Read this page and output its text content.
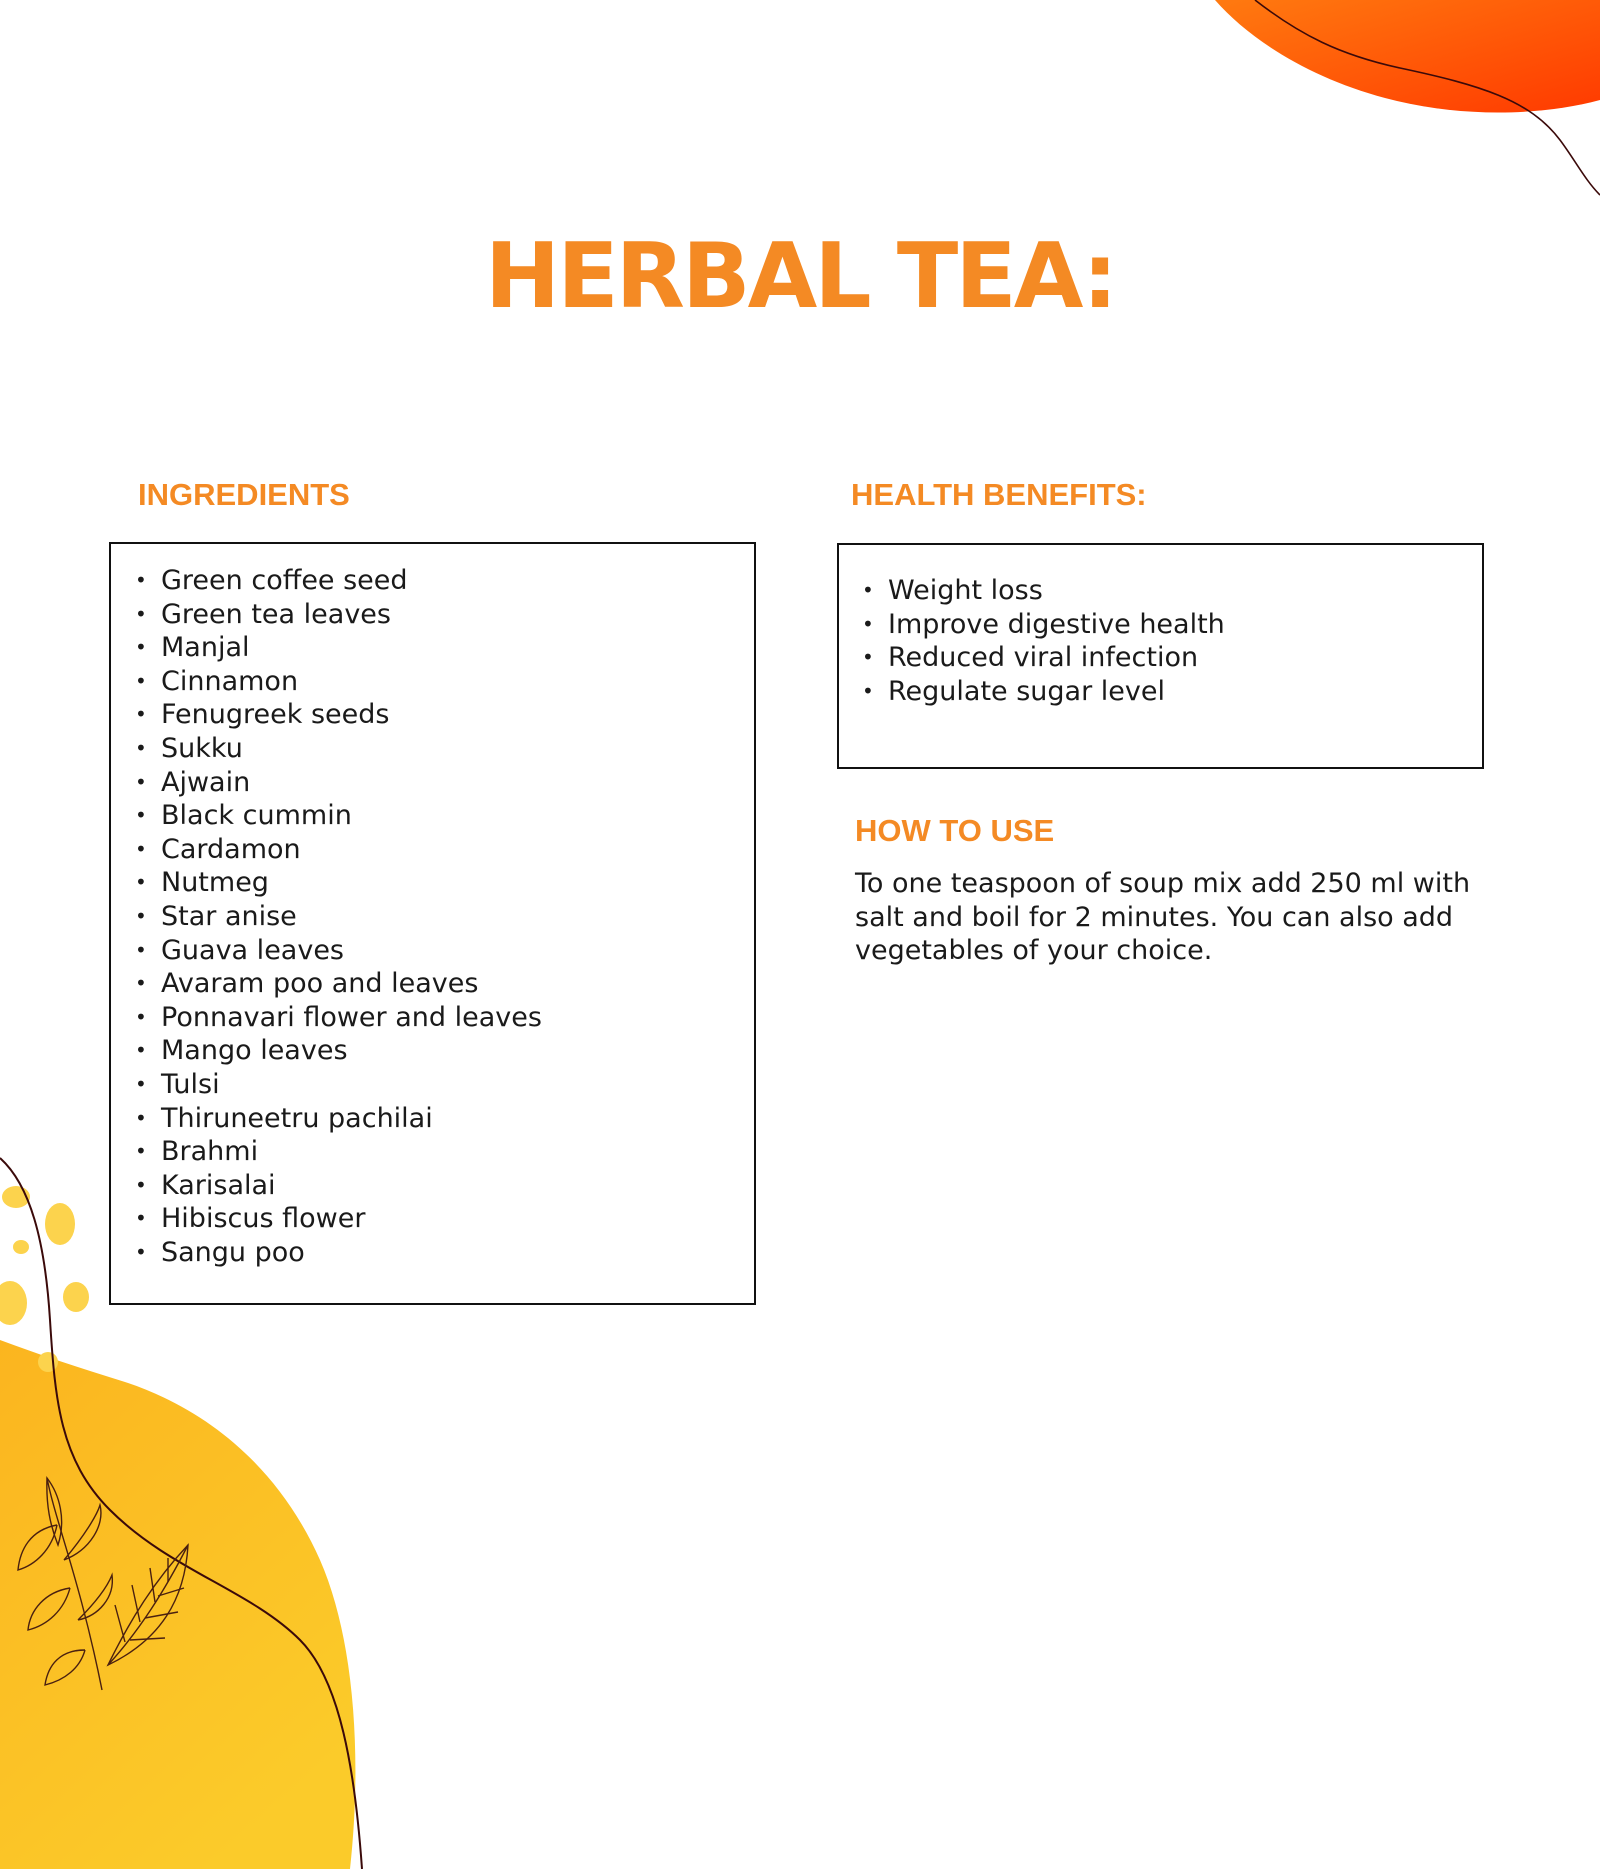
HERBAL TEA:
INGREDIENTS
• Green coffee seed
• Green tea leaves
• Manjal
• Cinnamon
• Fenugreek seeds
• Sukku
• Ajwain
• Black cummin
• Cardamon
• Nutmeg
• Star anise
• Guava leaves
• Avaram poo and leaves
• Ponnavari flower and leaves
• Mango leaves
• Tulsi
• Thiruneetru pachilai
• Brahmi
• Karisalai
• Hibiscus flower
• Sangu poo
HEALTH BENEFITS:
• Weight loss
• Improve digestive health
• Reduced viral infection
• Regulate sugar level
HOW TO USE

To one teaspoon of soup mix add 250 ml with salt and boil for 2 minutes. You can also add vegetables of your choice.
